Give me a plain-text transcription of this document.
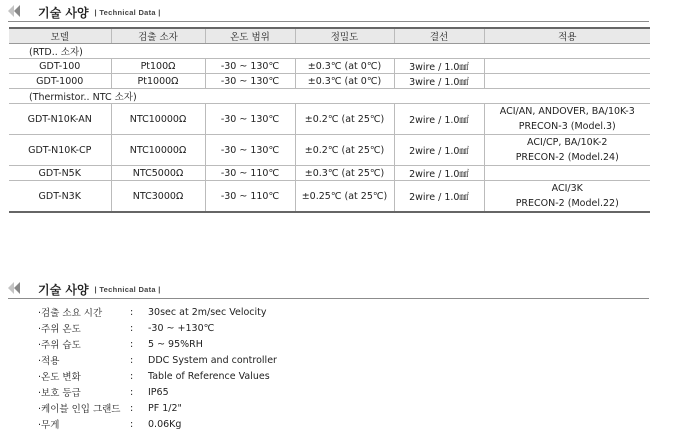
기술 사양 | Technical Data |
모델	검출 소자	온도 범위	정밀도	결선	적용
(RTD.. 소자)					
GDT-100	Pt100Ω	-30 ~ 130℃	±0.3℃ (at 0℃)	3wire / 1.0㎟	
GDT-1000	Pt1000Ω	-30 ~ 130℃	±0.3℃ (at 0℃)	3wire / 1.0㎟	
(Thermistor.. NTC 소자)					
GDT-N10K-AN	NTC10000Ω	-30 ~ 130℃	±0.2℃ (at 25℃)	2wire / 1.0㎟	ACI/AN, ANDOVER, BA/10K-3
PRECON-3 (Model.3)

GDT-N10K-CP	NTC10000Ω	-30 ~ 130℃	±0.2℃ (at 25℃)	2wire / 1.0㎟	ACI/CP, BA/10K-2
PRECON-2 (Model.24)

GDT-N5K	NTC5000Ω	-30 ~ 110℃	±0.3℃ (at 25℃)	2wire / 1.0㎟	
GDT-N3K	NTC3000Ω	-30 ~ 110℃	±0.25℃ (at 25℃)	2wire / 1.0㎟	ACI/3K
PRECON-2 (Model.22)
기술 사양 | Technical Data |
·검출 소요 시간	:	30sec at 2m/sec Velocity
·주위 온도	:	-30 ~ +130℃
·주위 습도	:	5 ~ 95%RH
·적용	:	DDC System and controller
·온도 변화	:	Table of Reference Values
·보호 등급	:	IP65
·케이블 인입 그랜드	:	PF 1/2"
·무게	:	0.06Kg
